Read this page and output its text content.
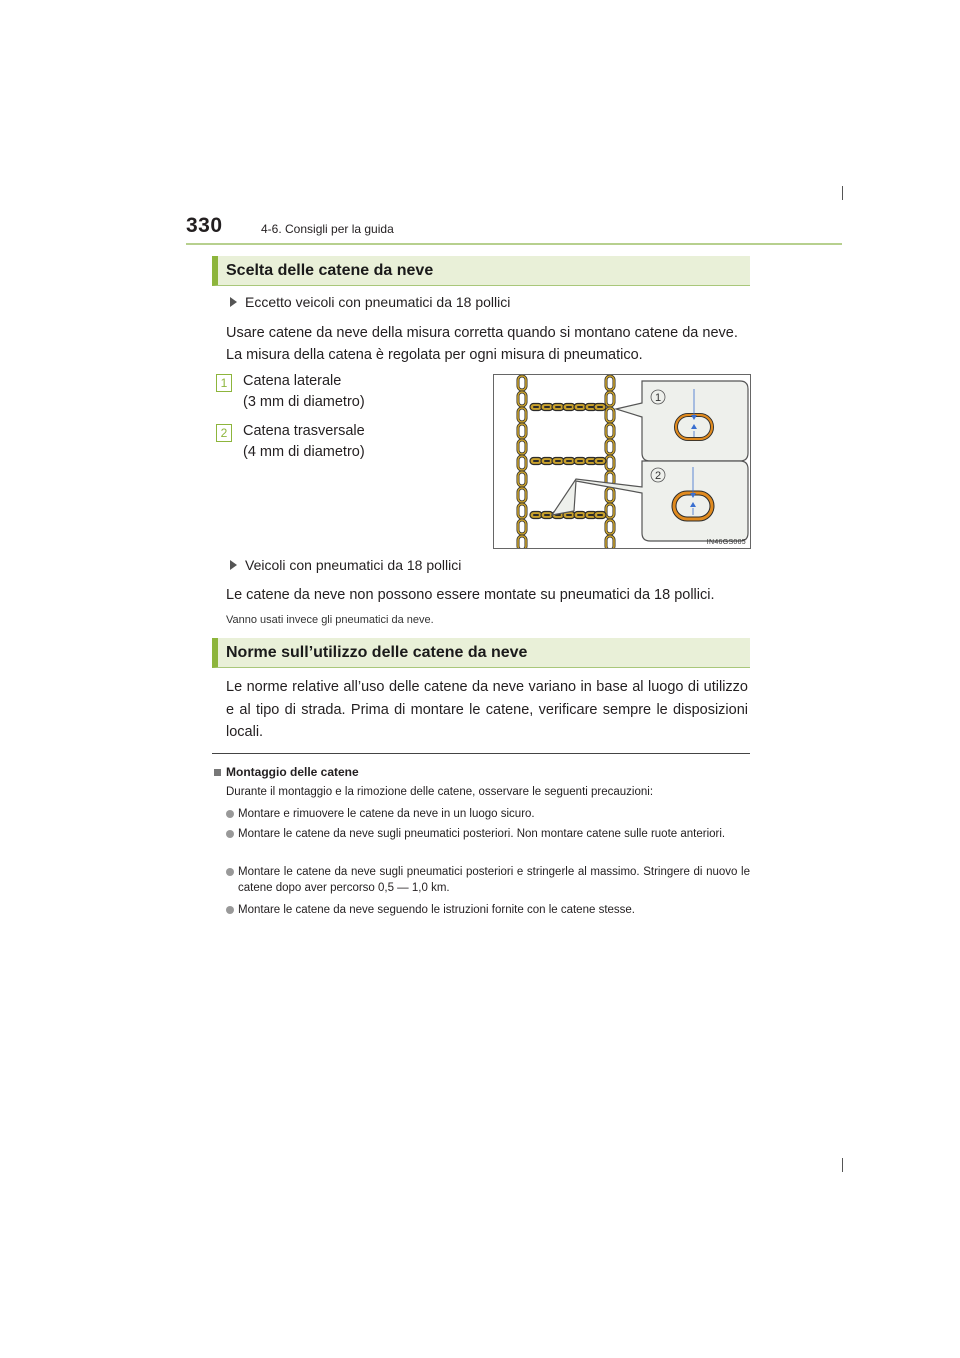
330	4-6. Consigli per la guida
Scelta delle catene da neve
Eccetto veicoli con pneumatici da 18 pollici
Usare catene da neve della misura corretta quando si montano catene da neve.
La misura della catena è regolata per ogni misura di pneumatico.
1	Catena laterale
(3 mm di diametro)
2	Catena trasversale
(4 mm di diametro)
1
2
IN46GS005
Veicoli con pneumatici da 18 pollici
Le catene da neve non possono essere montate su pneumatici da 18 pollici.
Vanno usati invece gli pneumatici da neve.
Norme sull’utilizzo delle catene da neve
Le norme relative all’uso delle catene da neve variano in base al luogo di utilizzo e al tipo di strada. Prima di montare le catene, verificare sempre le disposizioni locali.
Montaggio delle catene
Durante il montaggio e la rimozione delle catene, osservare le seguenti precauzioni:
Montare e rimuovere le catene da neve in un luogo sicuro.
Montare le catene da neve sugli pneumatici posteriori. Non montare catene sulle ruote anteriori.
Montare le catene da neve sugli pneumatici posteriori e stringerle al massimo. Stringere di nuovo le catene dopo aver percorso 0,5 — 1,0 km.
Montare le catene da neve seguendo le istruzioni fornite con le catene stesse.
